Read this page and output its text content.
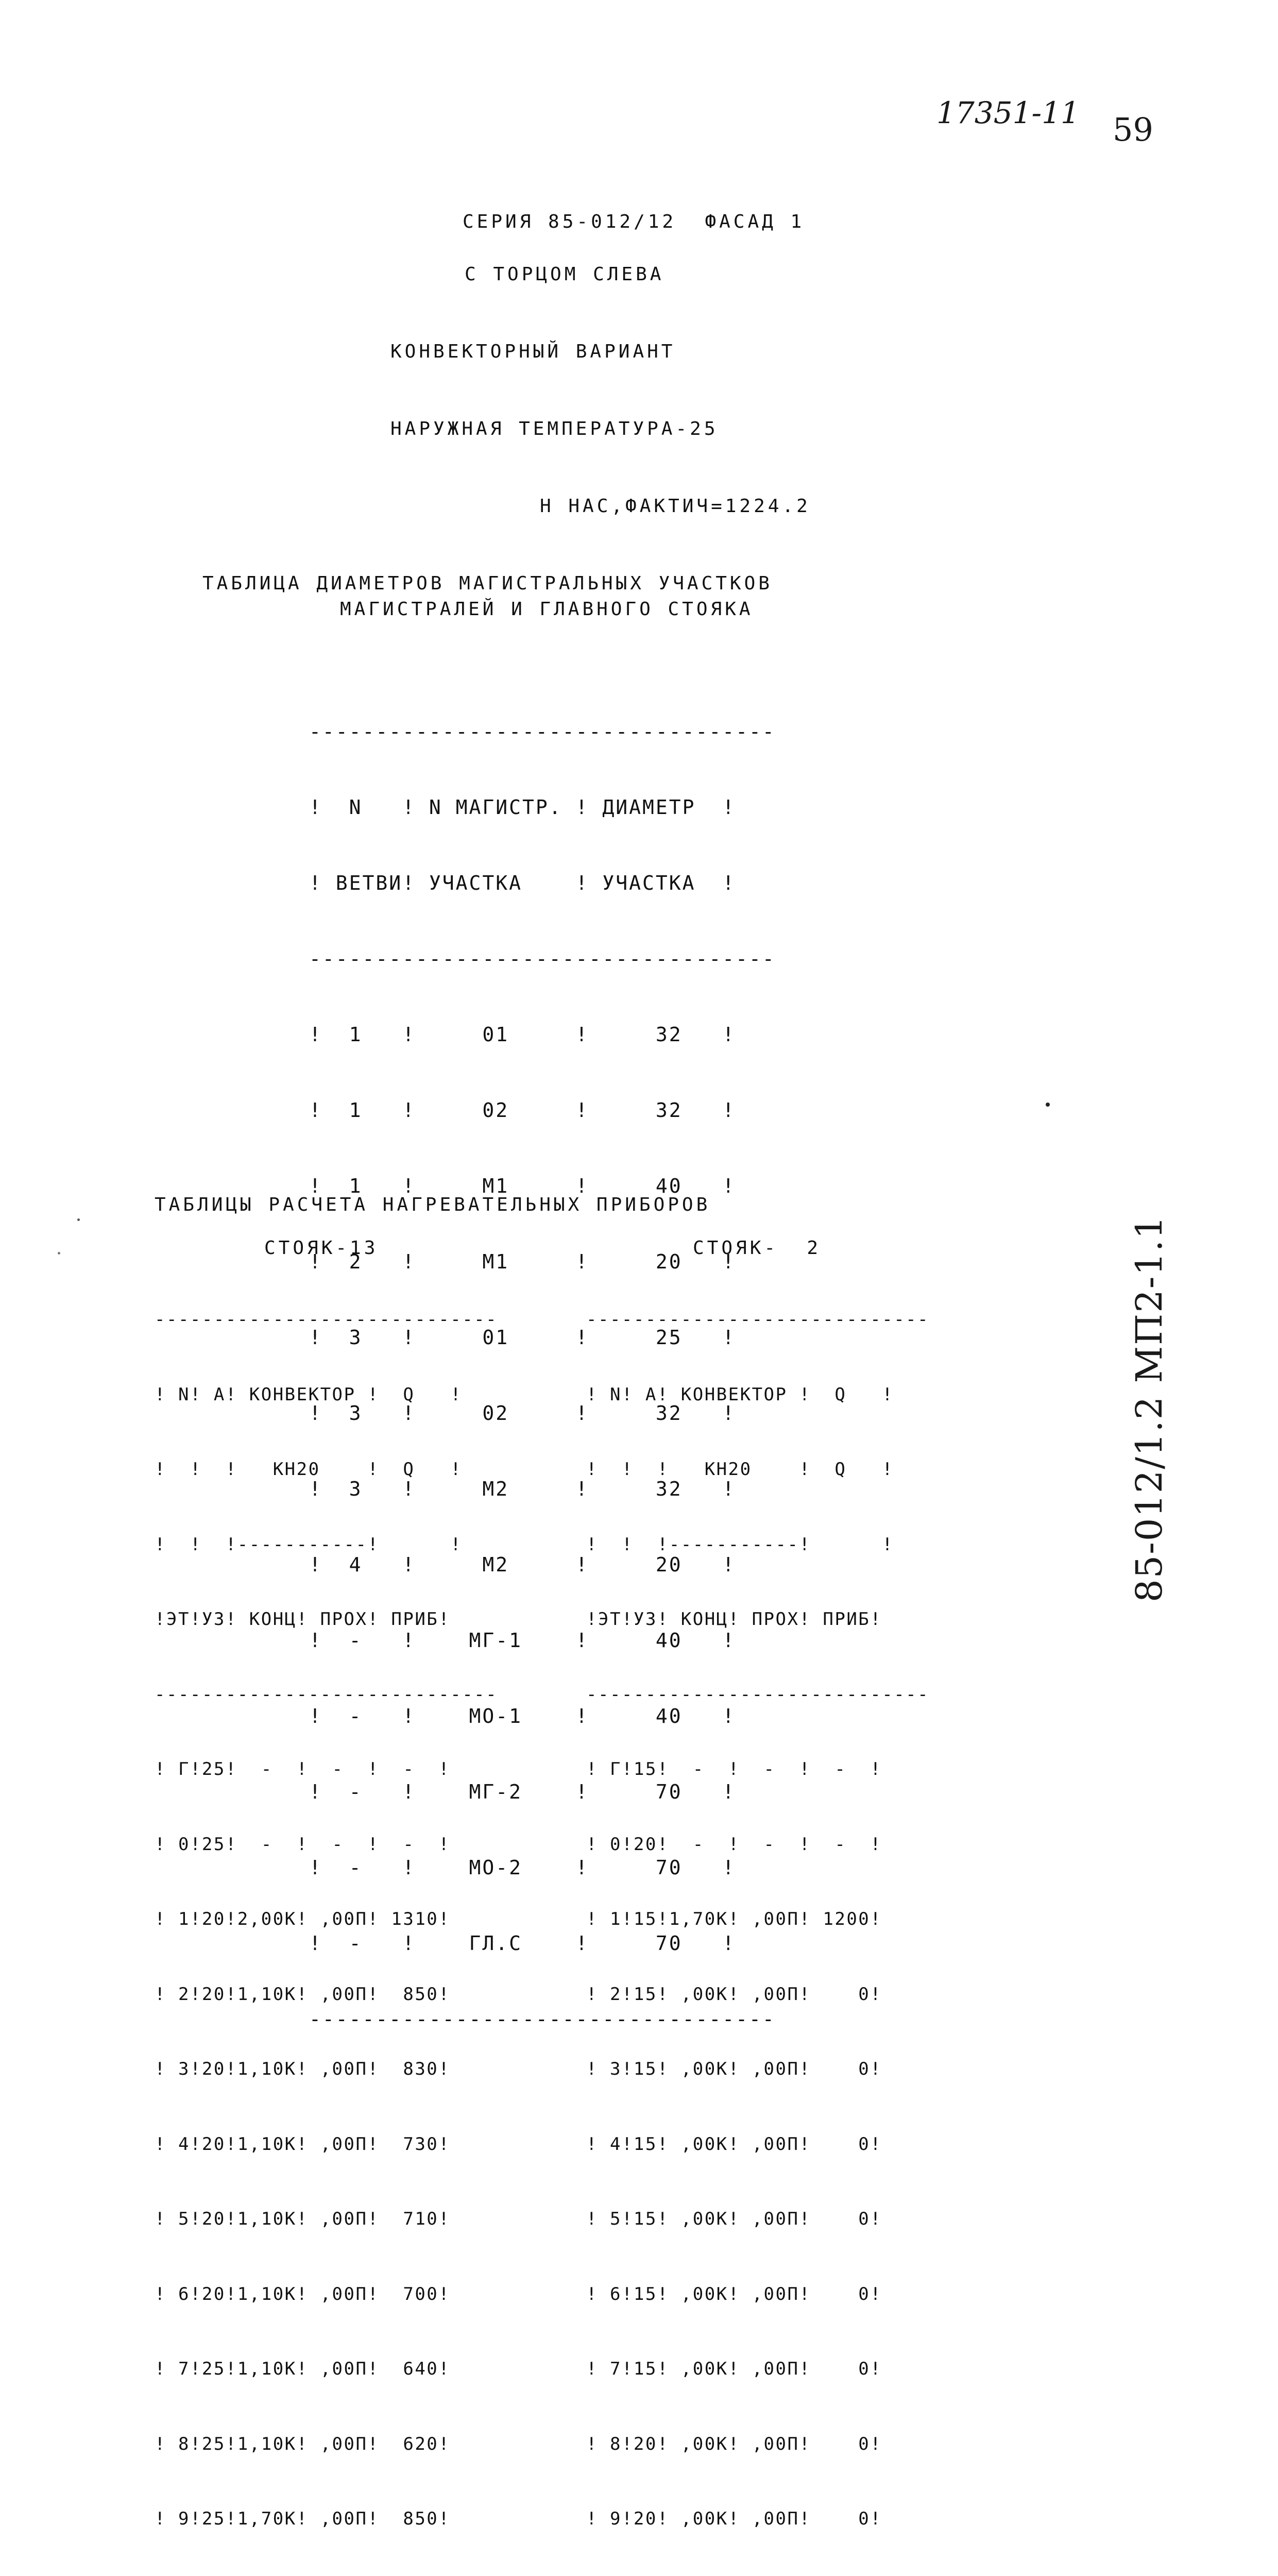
17351-11 59
85-012/1.2 МП2-1.1
СЕРИЯ 85-012/12  ФАСАД 1
С ТОРЦОМ СЛЕВА
КОНВЕКТОРНЫЙ ВАРИАНТ
НАРУЖНАЯ ТЕМПЕРАТУРА-25
Н НАС,ФАКТИЧ=1224.2
ТАБЛИЦА ДИАМЕТРОВ МАГИСТРАЛЬНЫХ УЧАСТКОВ
МАГИСТРАЛЕЙ И ГЛАВНОГО СТОЯКА

-----------------------------------

!  N   ! N МАГИСТР. ! ДИАМЕТР  !

! ВЕТВИ! УЧАСТКА    ! УЧАСТКА  !

-----------------------------------

!  1   !     01     !     32   !

!  1   !     02     !     32   !

!  1   !     М1     !     40   !

!  2   !     М1     !     20   !

!  3   !     01     !     25   !

!  3   !     02     !     32   !

!  3   !     М2     !     32   !

!  4   !     М2     !     20   !

!  -   !    МГ-1    !     40   !

!  -   !    МО-1    !     40   !

!  -   !    МГ-2    !     70   !

!  -   !    МО-2    !     70   !

!  -   !    ГЛ.С    !     70   !

-----------------------------------

ТАБЛИЦЫ РАСЧЕТА НАГРЕВАТЕЛЬНЫХ ПРИБОРОВ
СТОЯК-13	СТОЯК-  2

-----------------------------

! N! А! КОНВЕКТОР !  Q   !

!  !  !   КН20    !  Q   !

!  !  !-----------!      !

!ЭТ!УЗ! КОНЦ! ПРОХ! ПРИБ!

-----------------------------

! Г!25!  -  !  -  !  -  !

! 0!25!  -  !  -  !  -  !

! 1!20!2,00К! ,00П! 1310!

! 2!20!1,10К! ,00П!  850!

! 3!20!1,10К! ,00П!  830!

! 4!20!1,10К! ,00П!  730!

! 5!20!1,10К! ,00П!  710!

! 6!20!1,10К! ,00П!  700!

! 7!25!1,10К! ,00П!  640!

! 8!25!1,10К! ,00П!  620!

! 9!25!1,70К! ,00П!  850!

-----------------------------

! N! А! КОНВЕКТОР !  Q   !

!  !  !   КН20    !  Q   !

!  !  !-----------!      !

!ЭТ!УЗ! КОНЦ! ПРОХ! ПРИБ!

-----------------------------

! Г!15!  -  !  -  !  -  !

! 0!20!  -  !  -  !  -  !

! 1!15!1,70К! ,00П! 1200!

! 2!15! ,00К! ,00П!    0!

! 3!15! ,00К! ,00П!    0!

! 4!15! ,00К! ,00П!    0!

! 5!15! ,00К! ,00П!    0!

! 6!15! ,00К! ,00П!    0!

! 7!15! ,00К! ,00П!    0!

! 8!20! ,00К! ,00П!    0!

! 9!20! ,00К! ,00П!    0!
